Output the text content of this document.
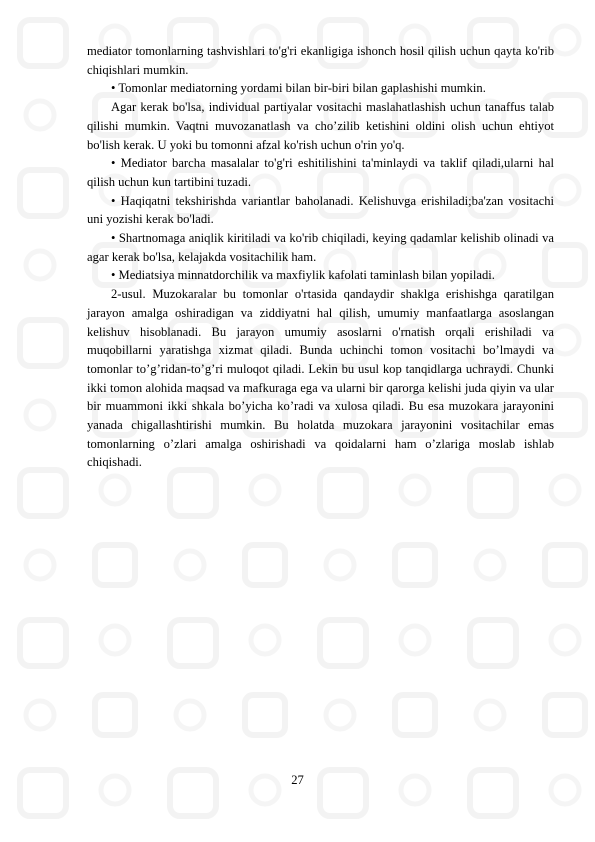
mediator tomonlarning tashvishlari to'g'ri ekanligiga ishonch hosil qilish uchun qayta ko'rib chiqishlari mumkin.

• Tomonlar mediatorning yordami bilan bir-biri bilan gaplashishi mumkin.

Agar kerak bo'lsa, individual partiyalar vositachi maslahatlashish uchun tanaffus talab qilishi mumkin. Vaqtni muvozanatlash va cho’zilib ketishini oldini olish uchun ehtiyot bo'lish kerak. U yoki bu tomonni afzal ko'rish uchun o'rin yo'q.

• Mediator barcha masalalar to'g'ri eshitilishini ta'minlaydi va taklif qiladi,ularni hal qilish uchun kun tartibini tuzadi.

• Haqiqatni tekshirishda variantlar baholanadi. Kelishuvga erishiladi;ba'zan vositachi uni yozishi kerak bo'ladi.

• Shartnomaga aniqlik kiritiladi va ko'rib chiqiladi, keying qadamlar kelishib olinadi va agar kerak bo'lsa, kelajakda vositachilik ham.

• Mediatsiya minnatdorchilik va maxfiylik kafolati taminlash bilan yopiladi.

2-usul. Muzokaralar bu tomonlar o'rtasida qandaydir shaklga erishishga qaratilgan jarayon amalga oshiradigan va ziddiyatni hal qilish, umumiy manfaatlarga asoslangan kelishuv hisoblanadi. Bu jarayon umumiy asoslarni o'rnatish orqali erishiladi va muqobillarni yaratishga xizmat qiladi. Bunda uchinchi tomon vositachi bo’lmaydi va tomonlar to’g’ridan-to’g’ri muloqot qiladi. Lekin bu usul kop tanqidlarga uchraydi. Chunki ikki tomon alohida maqsad va mafkuraga ega va ularni bir qarorga kelishi juda qiyin va ular bir muammoni ikki shkala bo’yicha ko’radi va xulosa qiladi. Bu esa muzokara jarayonini yanada chigallashtirishi mumkin. Bu holatda muzokara jarayonini vositachilar emas tomonlarning o’zlari amalga oshirishadi va qoidalarni ham o’zlariga moslab ishlab chiqishadi.

27
